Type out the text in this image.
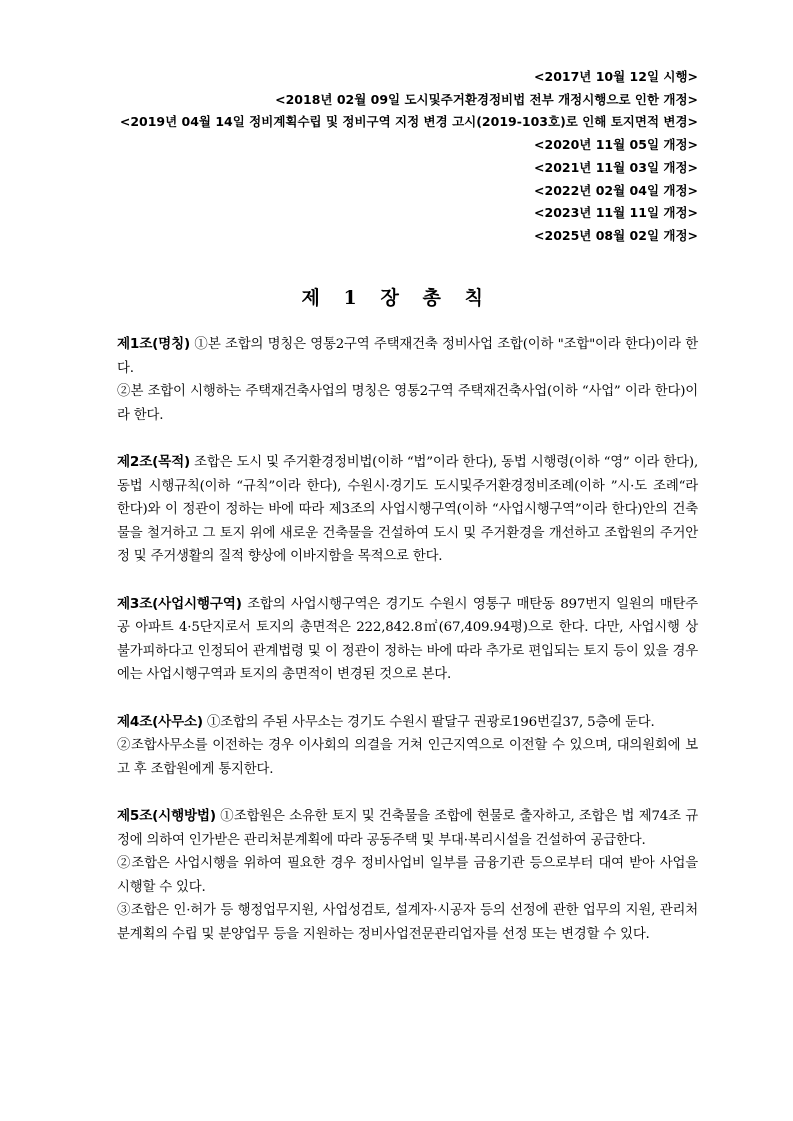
<2017년 10월 12일 시행>
<2018년 02월 09일 도시및주거환경정비법 전부 개정시행으로 인한 개정>
<2019년 04월 14일 정비계획수립 및 정비구역 지정 변경 고시(2019-103호)로 인해 토지면적 변경>
<2020년 11월 05일 개정>
<2021년 11월 03일 개정>
<2022년 02월 04일 개정>
<2023년 11월 11일 개정>
<2025년 08월 02일 개정>
제 1 장 총 칙

제1조(명칭) ①본 조합의 명칭은 영통2구역 주택재건축 정비사업 조합(이하 "조합"이라 한다)이라 한다.

②본 조합이 시행하는 주택재건축사업의 명칭은 영통2구역 주택재건축사업(이하 “사업” 이라 한다)이라 한다.

제2조(목적) 조합은 도시 및 주거환경정비법(이하 “법”이라 한다), 동법 시행령(이하 “영” 이라 한다), 동법 시행규칙(이하 “규칙”이라 한다), 수원시·경기도 도시및주거환경정비조례(이하 ”시·도 조례“라 한다)와 이 정관이 정하는 바에 따라 제3조의 사업시행구역(이하 “사업시행구역”이라 한다)안의 건축물을 철거하고 그 토지 위에 새로운 건축물을 건설하여 도시 및 주거환경을 개선하고 조합원의 주거안정 및 주거생활의 질적 향상에 이바지함을 목적으로 한다.

제3조(사업시행구역) 조합의 사업시행구역은 경기도 수원시 영통구 매탄동 897번지 일원의 매탄주공 아파트 4·5단지로서 토지의 총면적은 222,842.8㎡(67,409.94평)으로 한다. 다만, 사업시행 상 불가피하다고 인정되어 관계법령 및 이 정관이 정하는 바에 따라 추가로 편입되는 토지 등이 있을 경우에는 사업시행구역과 토지의 총면적이 변경된 것으로 본다.

제4조(사무소) ①조합의 주된 사무소는 경기도 수원시 팔달구 권광로196번길37, 5층에 둔다.

②조합사무소를 이전하는 경우 이사회의 의결을 거쳐 인근지역으로 이전할 수 있으며, 대의원회에 보고 후 조합원에게 통지한다.

제5조(시행방법) ①조합원은 소유한 토지 및 건축물을 조합에 현물로 출자하고, 조합은 법 제74조 규정에 의하여 인가받은 관리처분계획에 따라 공동주택 및 부대·복리시설을 건설하여 공급한다.

②조합은 사업시행을 위하여 필요한 경우 정비사업비 일부를 금융기관 등으로부터 대여 받아 사업을 시행할 수 있다.

③조합은 인·허가 등 행정업무지원, 사업성검토, 설계자·시공자 등의 선정에 관한 업무의 지원, 관리처분계획의 수립 및 분양업무 등을 지원하는 정비사업전문관리업자를 선정 또는 변경할 수 있다.
